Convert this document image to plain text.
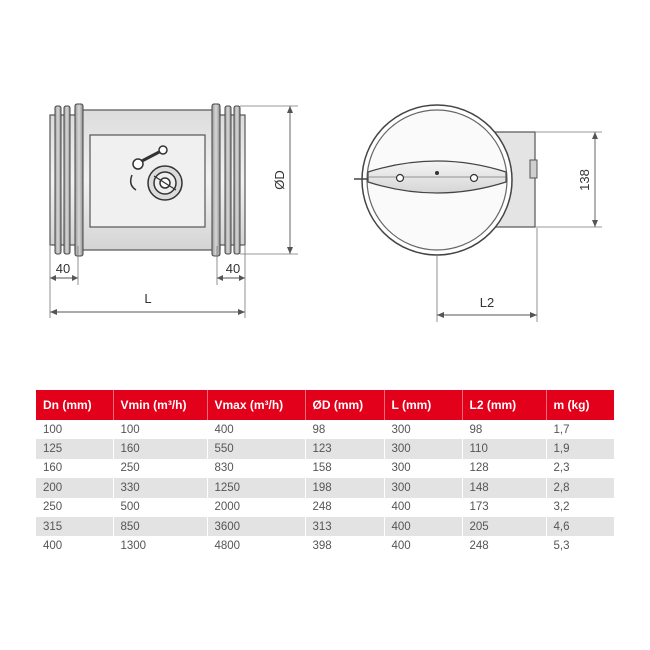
ØD
40	40
L
138
L2
Dn (mm)	Vmin (m³/h)	Vmax (m³/h)	ØD (mm)	L (mm)	L2 (mm)	m (kg)
100	100	400	98	300	98	1,7
125	160	550	123	300	110	1,9
160	250	830	158	300	128	2,3
200	330	1250	198	300	148	2,8
250	500	2000	248	400	173	3,2
315	850	3600	313	400	205	4,6
400	1300	4800	398	400	248	5,3
